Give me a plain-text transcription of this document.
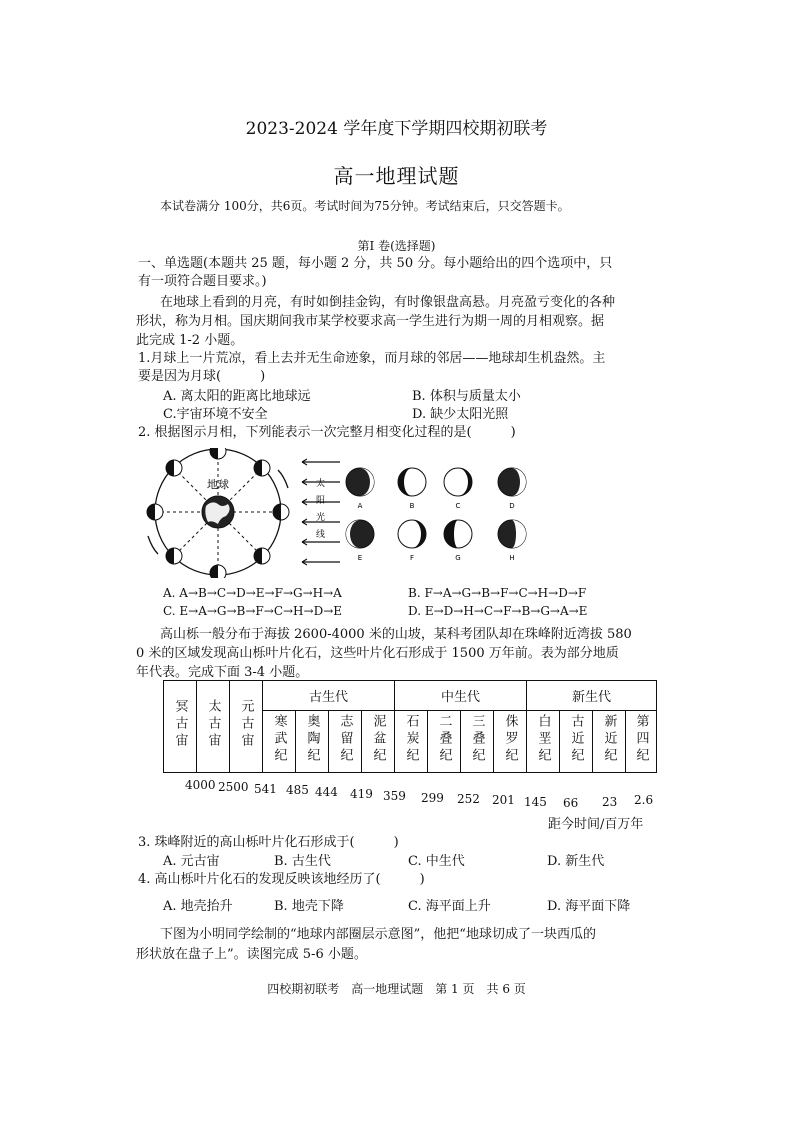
2023-2024 学年度下学期四校期初联考
高一地理试题
本试卷满分 100分，共6页。考试时间为75分钟。考试结束后，只交答题卡。
第Ⅰ 卷(选择题)
一、单选题(本题共 25 题，每小题 2 分，共 50 分。每小题给出的四个选项中，只
有一项符合题目要求。)
在地球上看到的月亮，有时如倒挂金钩，有时像银盘高悬。月亮盈亏变化的各种
形状，称为月相。国庆期间我市某学校要求高一学生进行为期一周的月相观察。据
此完成 1-2 小题。
1.月球上一片荒凉，看上去并无生命迹象，而月球的邻居——地球却生机盎然。主
要是因为月球(　　　)
A. 离太阳的距离比地球远	B. 体积与质量太小
C.宇宙环境不安全	D. 缺少太阳光照
2. 根据图示月相，下列能表示一次完整月相变化过程的是(　　　)
地球	太
阳
光
线
A	B	C	D
E	F	G	H
A. A→B→C→D→E→F→G→H→A	B. F→A→G→B→F→C→H→D→F
C. E→A→G→B→F→C→H→D→E	D. E→D→H→C→F→B→G→A→E
高山栎一般分布于海拔 2600-4000 米的山坡，某科考团队却在珠峰附近湾拔 580
0 米的区域发现高山栎叶片化石，这些叶片化石形成于 1500 万年前。表为部分地质
年代表。完成下面 3-4 小题。
冥古宙	太古宙	元古宙	古生代				中生代				新生代			
			寒武纪	奥陶纪	志留纪	泥盆纪	石炭纪	二叠纪	三叠纪	侏罗纪	白垩纪	古近纪	新近纪	第四纪
4000 2500 541 485 444 419 359 299 252 201 145 66 23 2.6
距今时间/百万年
3. 珠峰附近的高山栎叶片化石形成于(　　　)
A. 元古宙	B. 古生代	C. 中生代	D. 新生代
4. 高山栎叶片化石的发现反映该地经历了(　　　)
A. 地壳抬升	B. 地壳下降	C. 海平面上升	D. 海平面下降
下图为小明同学绘制的“地球内部圈层示意图”，他把“地球切成了一块西瓜的
形状放在盘子上”。读图完成 5-6 小题。
四校期初联考　高一地理试题　第 1 页　共 6 页
